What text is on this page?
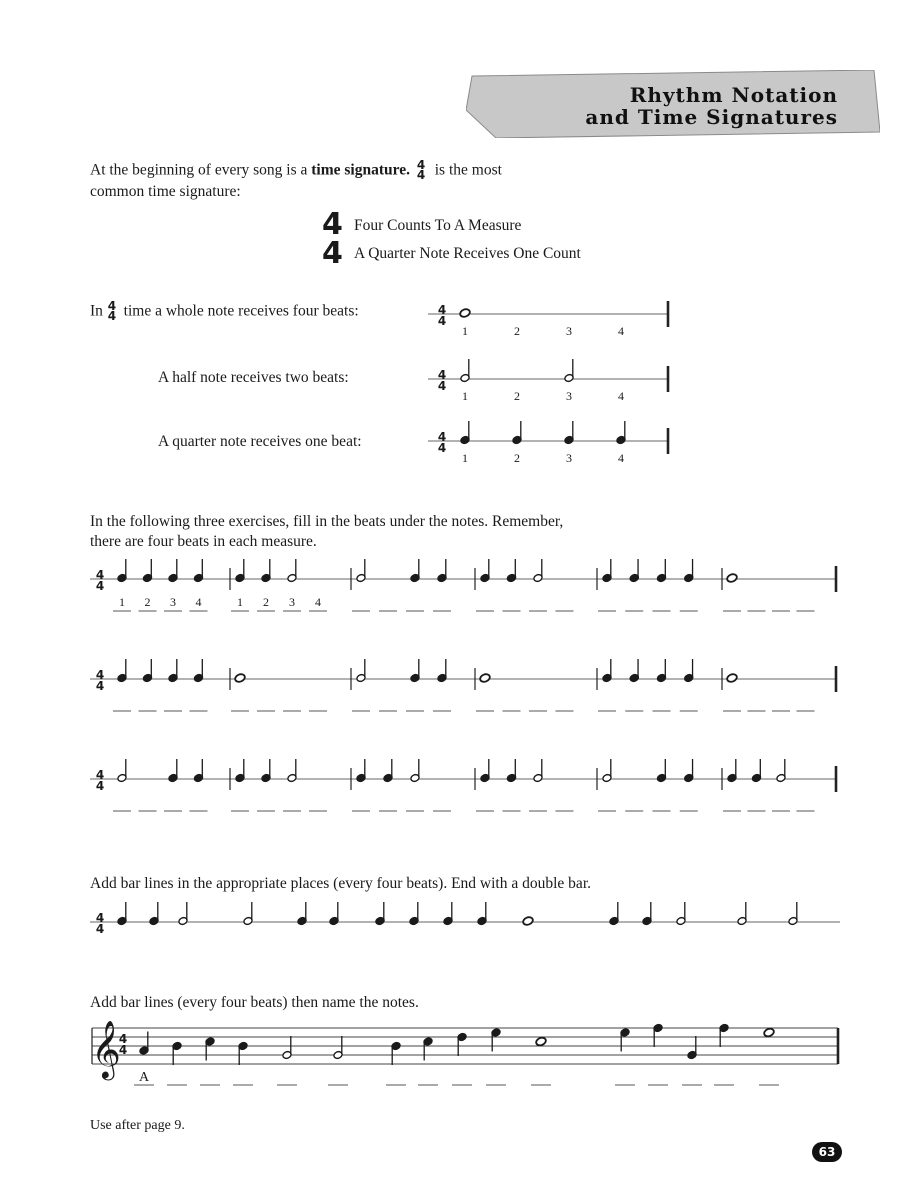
Rhythm Notation
and Time Signatures
At the beginning of every song is a time signature. 4
4 is the most
common time signature:
4
4
Four Counts To A Measure
A Quarter Note Receives One Count
In 4
4 time a whole note receives four beats:
A half note receives two beats:
A quarter note receives one beat:
In the following three exercises, fill in the beats under the notes. Remember,
there are four beats in each measure.
Add bar lines in the appropriate places (every four beats). End with a double bar.
Add bar lines (every four beats) then name the notes.
4
4
1	2	3	4
4
4
1	2	3	4
4
4
1	2	3	4
4
4
1 2 3 4	1 2 3 4
4
4
4
4
4
4
𝄞
4
4
A
Use after page 9.
63
